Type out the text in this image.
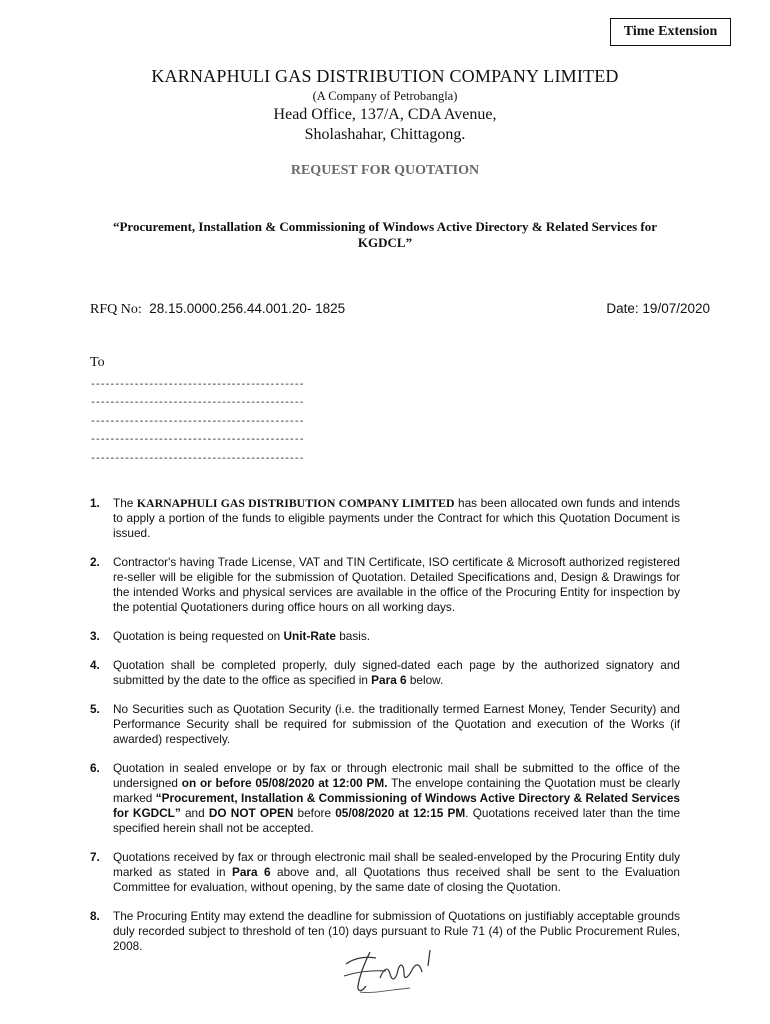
Time Extension
KARNAPHULI GAS DISTRIBUTION COMPANY LIMITED
(A Company of Petrobangla)
Head Office, 137/A, CDA Avenue,
Sholashahar, Chittagong.
REQUEST FOR QUOTATION
“Procurement, Installation & Commissioning of Windows Active Directory & Related Services for
KGDCL”
RFQ No: 28.15.0000.256.44.001.20- 1825	Date: 19/07/2020
To
--------------------------------------------
--------------------------------------------
--------------------------------------------
--------------------------------------------
--------------------------------------------
1. The KARNAPHULI GAS DISTRIBUTION COMPANY LIMITED has been allocated own funds and intends to apply a portion of the funds to eligible payments under the Contract for which this Quotation Document is issued.
2. Contractor's having Trade License, VAT and TIN Certificate, ISO certificate & Microsoft authorized registered re-seller will be eligible for the submission of Quotation. Detailed Specifications and, Design & Drawings for the intended Works and physical services are available in the office of the Procuring Entity for inspection by the potential Quotationers during office hours on all working days.
3. Quotation is being requested on Unit-Rate basis.
4. Quotation shall be completed properly, duly signed-dated each page by the authorized signatory and submitted by the date to the office as specified in Para 6 below.
5. No Securities such as Quotation Security (i.e. the traditionally termed Earnest Money, Tender Security) and Performance Security shall be required for submission of the Quotation and execution of the Works (if awarded) respectively.
6. Quotation in sealed envelope or by fax or through electronic mail shall be submitted to the office of the undersigned on or before 05/08/2020 at 12:00 PM. The envelope containing the Quotation must be clearly marked “Procurement, Installation & Commissioning of Windows Active Directory & Related Services for KGDCL” and DO NOT OPEN before 05/08/2020 at 12:15 PM. Quotations received later than the time specified herein shall not be accepted.
7. Quotations received by fax or through electronic mail shall be sealed-enveloped by the Procuring Entity duly marked as stated in Para 6 above and, all Quotations thus received shall be sent to the Evaluation Committee for evaluation, without opening, by the same date of closing the Quotation.
8. The Procuring Entity may extend the deadline for submission of Quotations on justifiably acceptable grounds duly recorded subject to threshold of ten (10) days pursuant to Rule 71 (4) of the Public Procurement Rules, 2008.
